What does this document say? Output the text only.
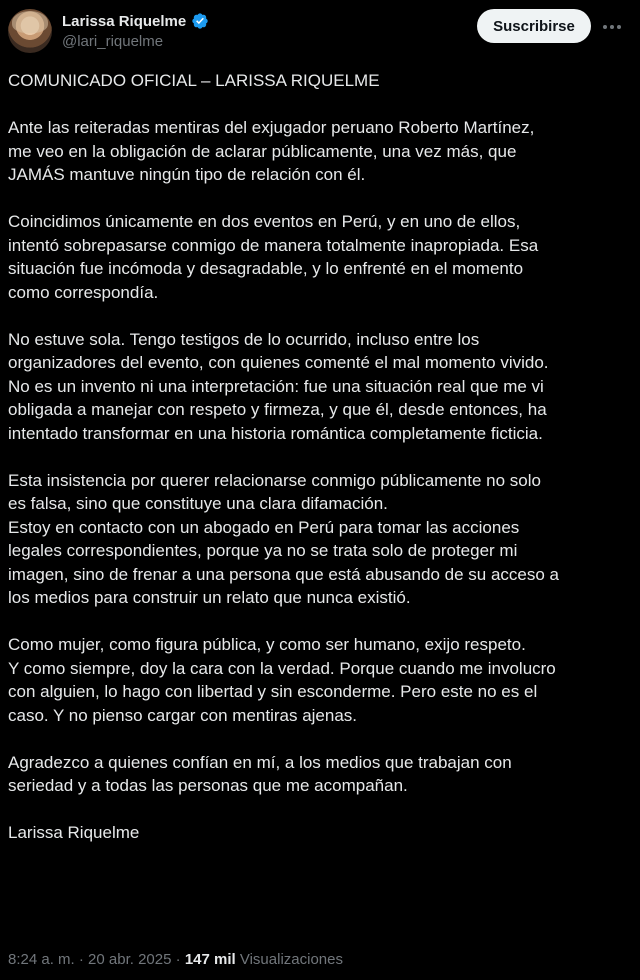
Larissa Riquelme
@lari_riquelme
Suscribirse

COMUNICADO OFICIAL – LARISSA RIQUELME

Ante las reiteradas mentiras del exjugador peruano Roberto Martínez,
me veo en la obligación de aclarar públicamente, una vez más, que
JAMÁS mantuve ningún tipo de relación con él.

Coincidimos únicamente en dos eventos en Perú, y en uno de ellos,
intentó sobrepasarse conmigo de manera totalmente inapropiada. Esa
situación fue incómoda y desagradable, y lo enfrenté en el momento
como correspondía.

No estuve sola. Tengo testigos de lo ocurrido, incluso entre los
organizadores del evento, con quienes comenté el mal momento vivido.
No es un invento ni una interpretación: fue una situación real que me vi
obligada a manejar con respeto y firmeza, y que él, desde entonces, ha
intentado transformar en una historia romántica completamente ficticia.

Esta insistencia por querer relacionarse conmigo públicamente no solo
es falsa, sino que constituye una clara difamación.
Estoy en contacto con un abogado en Perú para tomar las acciones
legales correspondientes, porque ya no se trata solo de proteger mi
imagen, sino de frenar a una persona que está abusando de su acceso a
los medios para construir un relato que nunca existió.

Como mujer, como figura pública, y como ser humano, exijo respeto.
Y como siempre, doy la cara con la verdad. Porque cuando me involucro
con alguien, lo hago con libertad y sin esconderme. Pero este no es el
caso. Y no pienso cargar con mentiras ajenas.

Agradezco a quienes confían en mí, a los medios que trabajan con
seriedad y a todas las personas que me acompañan.

Larissa Riquelme

8:24 a. m. · 20 abr. 2025 · 147 mil Visualizaciones
